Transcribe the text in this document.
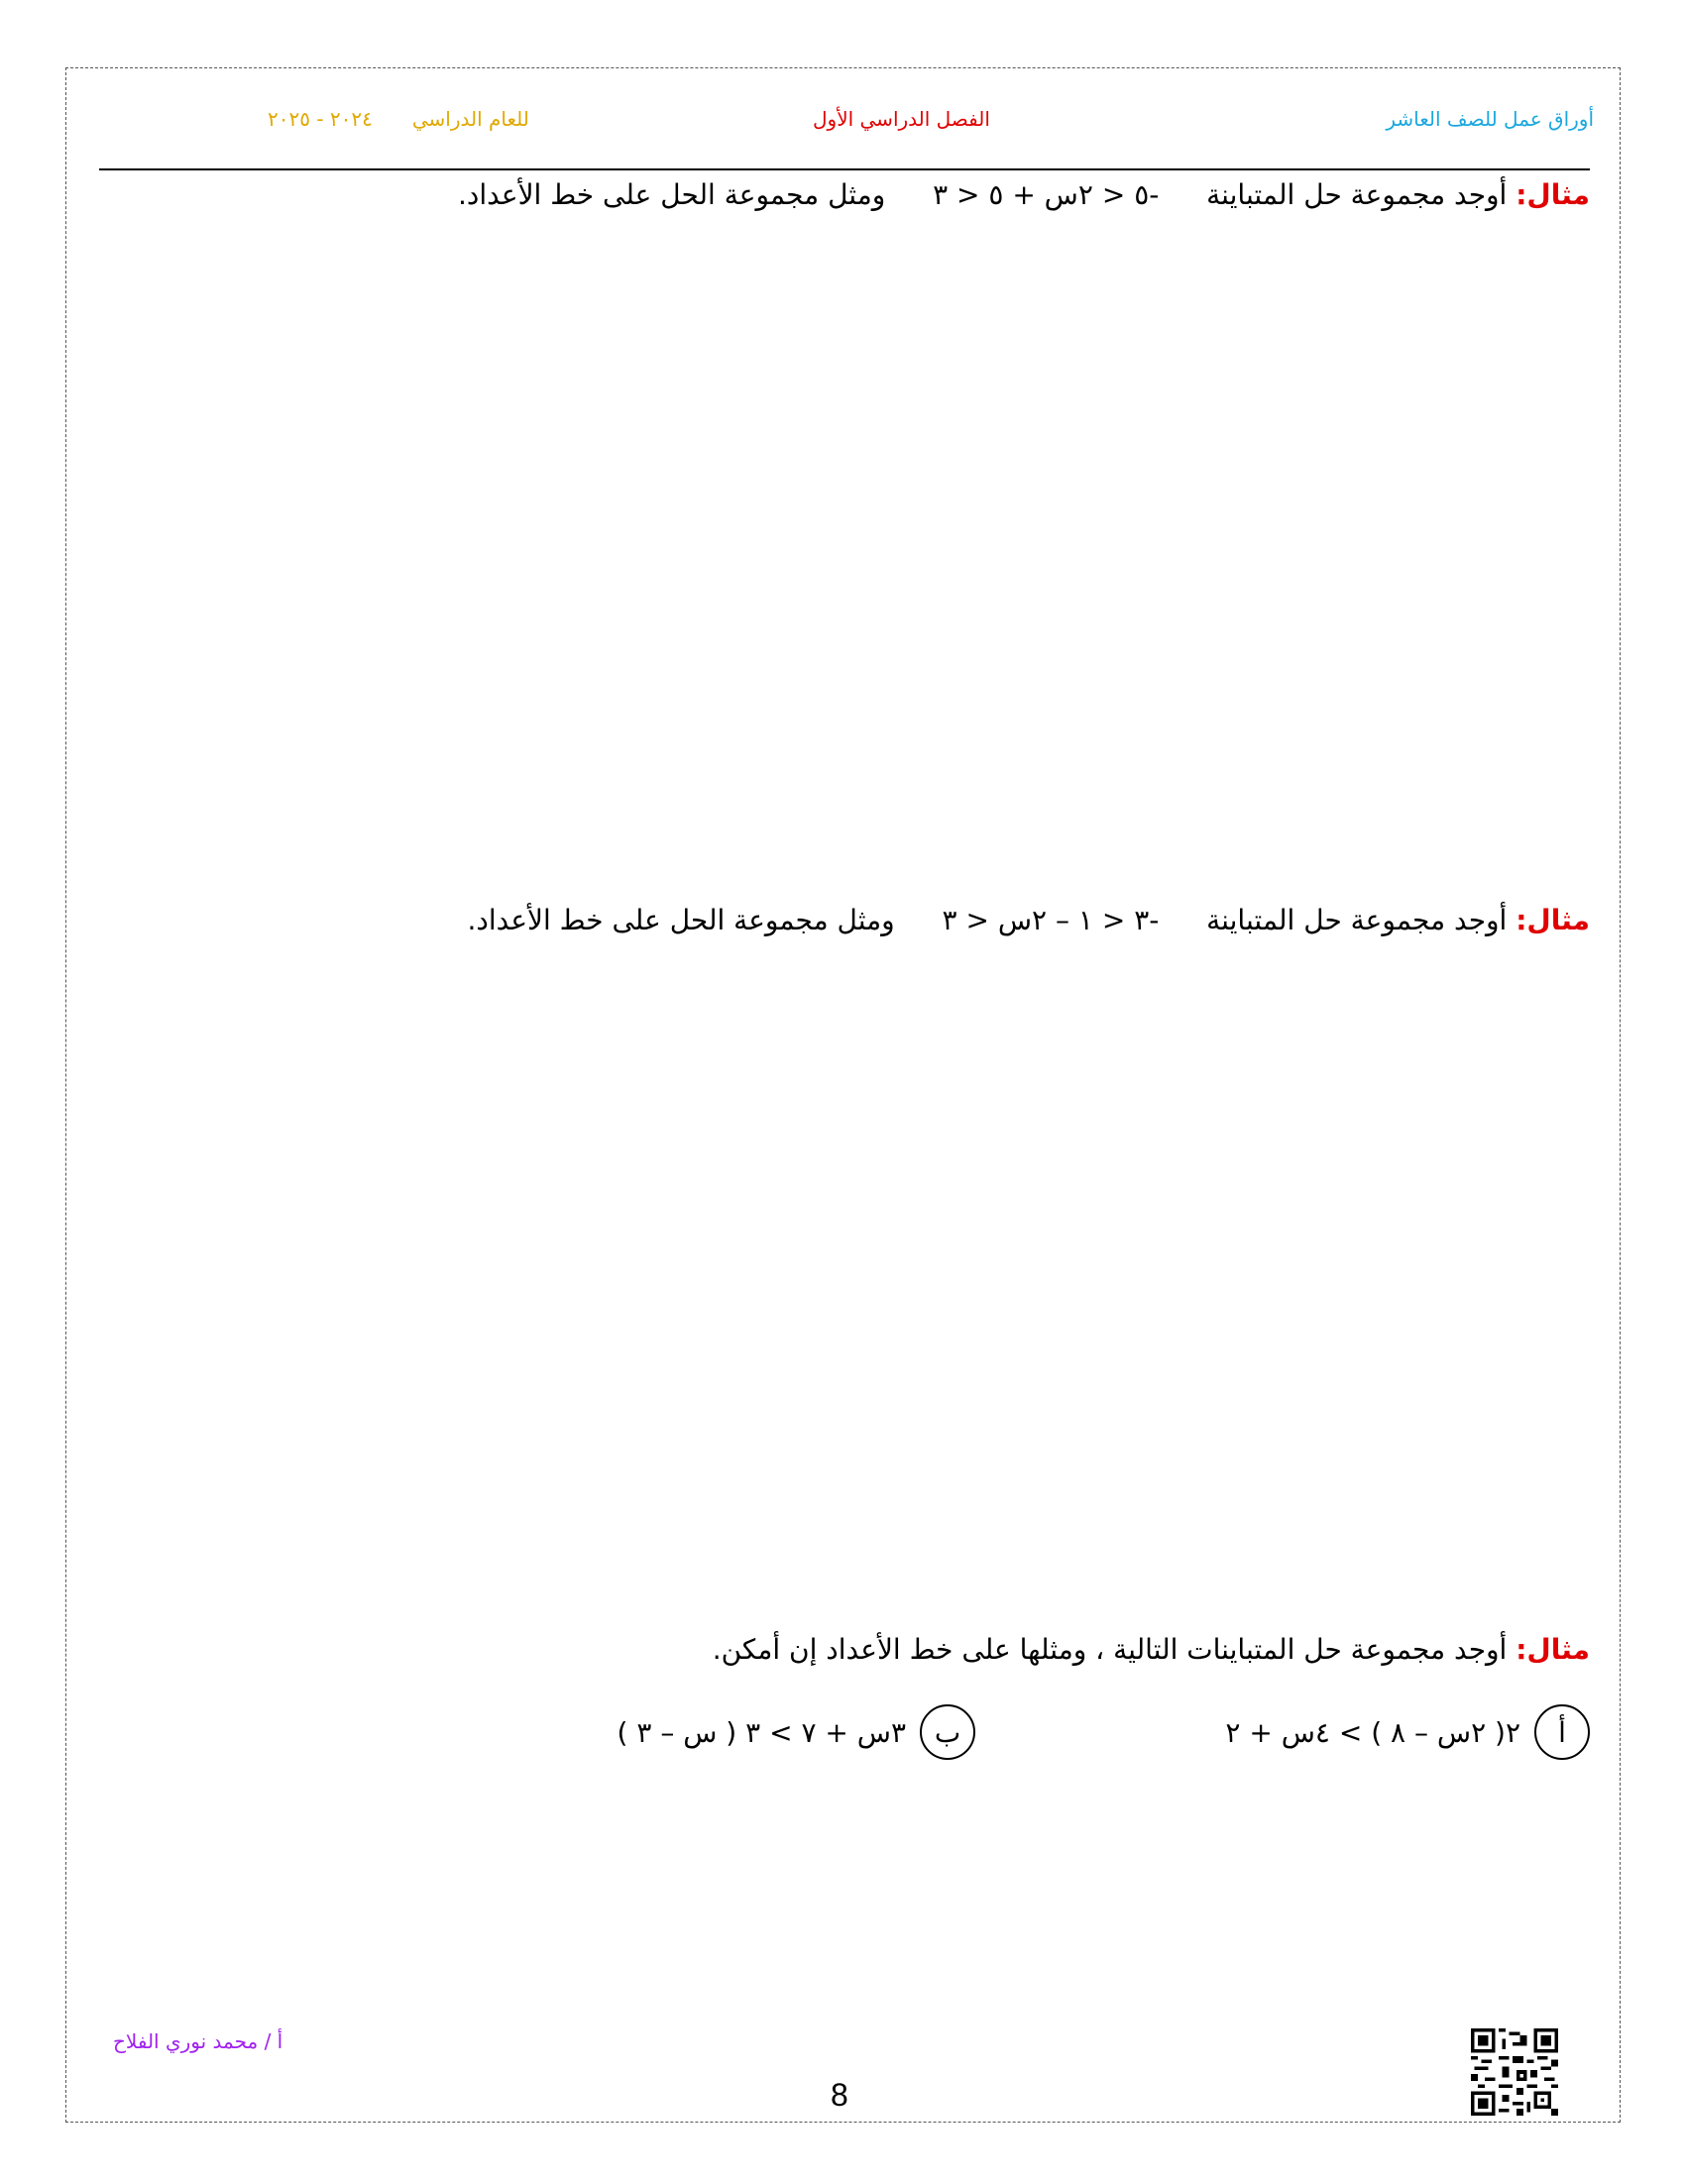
أوراق عمل للصف العاشر
الفصل الدراسي الأول
للعام الدراسي٢٠٢٤ - ٢٠٢٥
مثال: أوجد مجموعة حل المتباينة  -٥ < ٢س + ٥ < ٣  ومثل مجموعة الحل على خط الأعداد.
مثال: أوجد مجموعة حل المتباينة  -٣ < ١ – ٢س < ٣  ومثل مجموعة الحل على خط الأعداد.
مثال: أوجد مجموعة حل المتباينات التالية ، ومثلها على خط الأعداد إن أمكن.
أ
٢( ٢س – ٨ ) > ٤س + ٢
ب
٣س + ٧ > ٣ ( س – ٣ )
أ / محمد نوري الفلاح
8
